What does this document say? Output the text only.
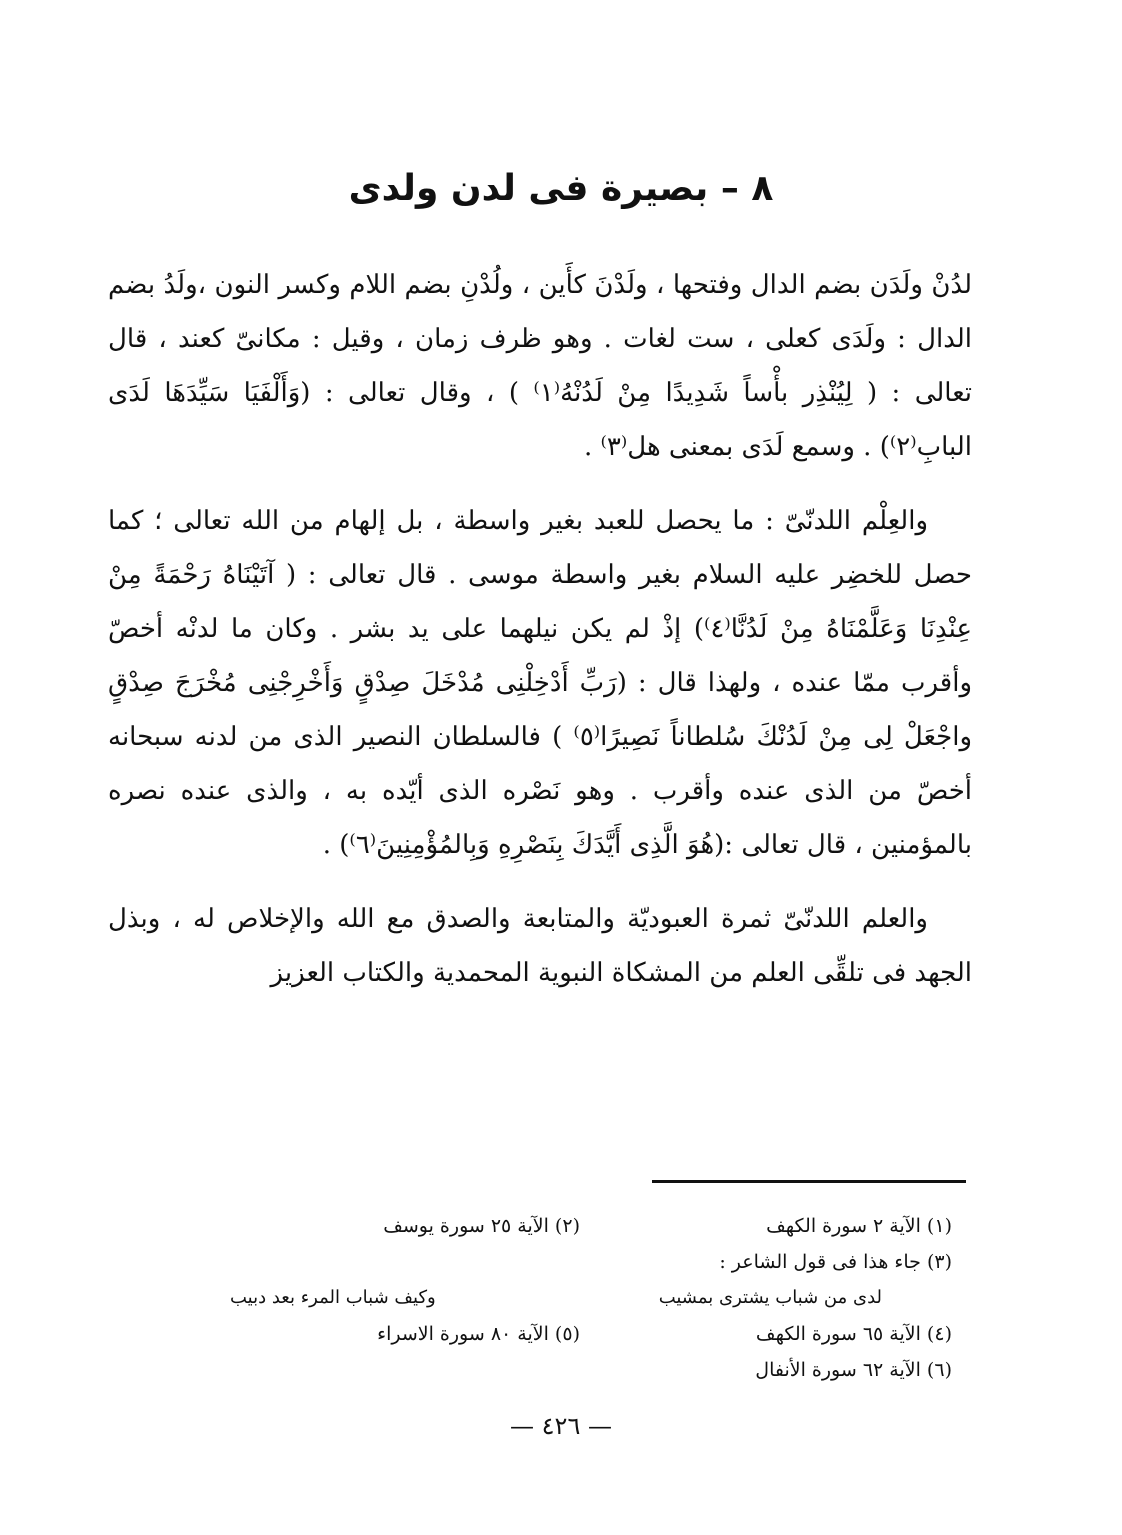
٨ – بصيرة فى لدن ولدى

لدُنْ ولَدَن بضم الدال وفتحها ، ولَدْنَ كأَين ، ولُدْنِ بضم اللام وكسر النون ،ولَدُ بضم الدال : ولَدَى كعلى ، ست لغات . وهو ظرف زمان ، وقيل : مكانىّ كعند ، قال تعالى : ( لِيُنْذِر بأْساً شَدِيدًا مِنْ لَدُنْهُ⁽١⁾ ) ، وقال تعالى : (وَأَلْفَيَا سَيِّدَهَا لَدَى البابِ⁽٢⁾) . وسمع لَدَى بمعنى هل⁽٣⁾ .

والعِلْم اللدنّىّ : ما يحصل للعبد بغير واسطة ، بل إلهام من الله تعالى ؛ كما حصل للخضِر عليه السلام بغير واسطة موسى . قال تعالى : ( آتَيْنَاهُ رَحْمَةً مِنْ عِنْدِنَا وَعَلَّمْنَاهُ مِنْ لَدُنَّا⁽٤⁾) إذْ لم يكن نيلهما على يد بشر . وكان ما لدنْه أخصّ وأقرب ممّا عنده ، ولهذا قال : (رَبِّ أَدْخِلْنِى مُدْخَلَ صِدْقٍ وَأَخْرِجْنِى مُخْرَجَ صِدْقٍ واجْعَلْ لِى مِنْ لَدُنْكَ سُلطاناً نَصِيرًا⁽٥⁾ ) فالسلطان النصير الذى من لدنه سبحانه أخصّ من الذى عنده وأقرب . وهو نَصْره الذى أيّده به ، والذى عنده نصره بالمؤمنين ، قال تعالى :(هُوَ الَّذِى أَيَّدَكَ بِنَصْرِهِ وَبِالمُؤْمِنِينَ⁽٦⁾) .

والعلم اللدنّىّ ثمرة العبوديّة والمتابعة والصدق مع الله والإخلاص له ، وبذل الجهد فى تلقِّى العلم من المشكاة النبوية المحمدية والكتاب العزيز

(١) الآية ٢ سورة الكهف
(٢) الآية ٢٥ سورة يوسف
(٣) جاء هذا فى قول الشاعر :
لدى من شباب يشترى بمشيب
وكيف شباب المرء بعد دبيب
(٤) الآية ٦٥ سورة الكهف
(٥) الآية ٨٠ سورة الاسراء
(٦) الآية ٦٢ سورة الأنفال
— ٤٢٦ —
